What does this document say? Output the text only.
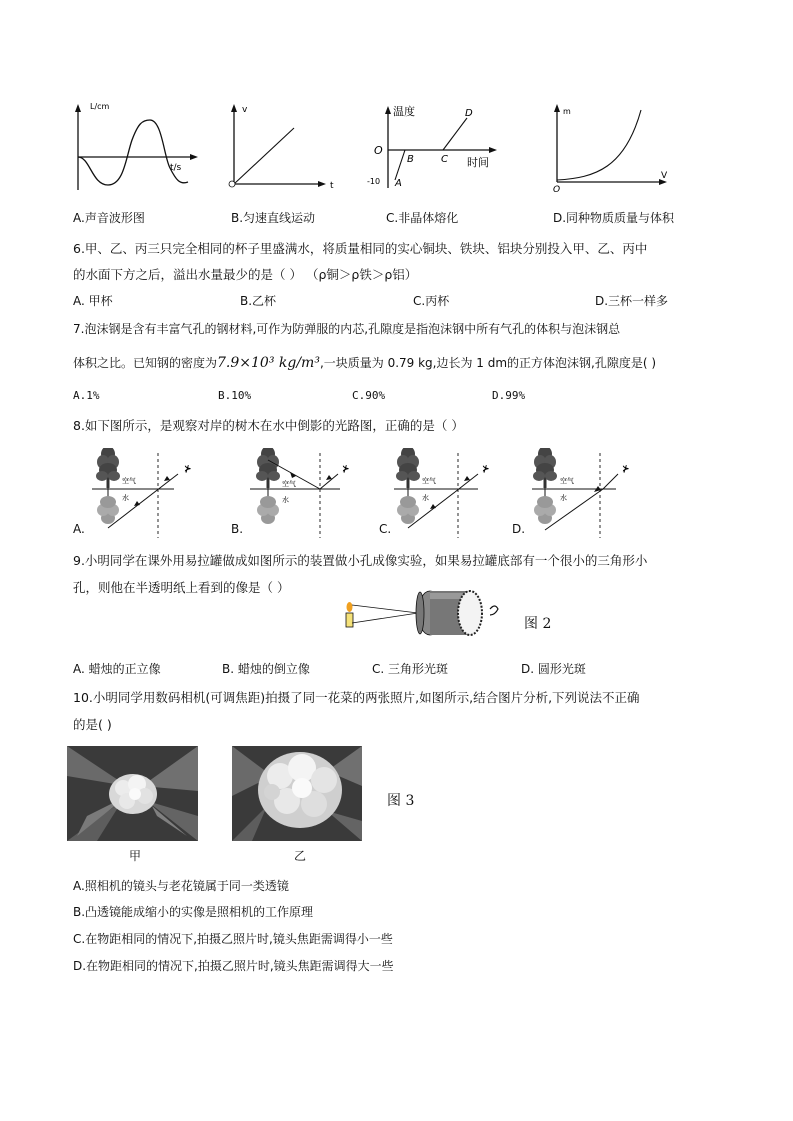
L/cm
t/s
v
t
温度
时间
O
-10 A
B	C
D	m
V
O
A.声音波形图	B.匀速直线运动	C.非晶体熔化	D.同种物质质量与体积
6.甲、乙、丙三只完全相同的杯子里盛满水，将质量相同的实心铜块、铁块、铝块分别投入甲、乙、丙中
的水面下方之后，溢出水量最少的是（ ） （ρ铜＞ρ铁＞ρ铝）
A. 甲杯	B.乙杯	C.丙杯	D.三杯一样多
7.泡沫钢是含有丰富气孔的钢材料,可作为防弹服的内芯,孔隙度是指泡沫钢中所有气孔的体积与泡沫钢总
体积之比。已知钢的密度为7.9×10³ kg/m³,一块质量为 0.79 kg,边长为 1 dm的正方体泡沫钢,孔隙度是( )
A.1%	B.10%	C.90%	D.99%
8.如下图所示，是观察对岸的树木在水中倒影的光路图，正确的是（ ）
空气
水
⊁
空气
水
⊁
空气
水
⊁
空气
水
⊁
A.	B.	C.	D.
9.小明同学在课外用易拉罐做成如图所示的装置做小孔成像实验，如果易拉罐底部有一个很小的三角形小
孔，则他在半透明纸上看到的像是（ ）
图 2
A. 蜡烛的正立像	B. 蜡烛的倒立像	C. 三角形光斑	D. 圆形光斑
10.小明同学用数码相机(可调焦距)拍摄了同一花菜的两张照片,如图所示,结合图片分析,下列说法不正确
的是( )
图 3
甲	乙
A.照相机的镜头与老花镜属于同一类透镜
B.凸透镜能成缩小的实像是照相机的工作原理
C.在物距相同的情况下,拍摄乙照片时,镜头焦距需调得小一些
D.在物距相同的情况下,拍摄乙照片时,镜头焦距需调得大一些
